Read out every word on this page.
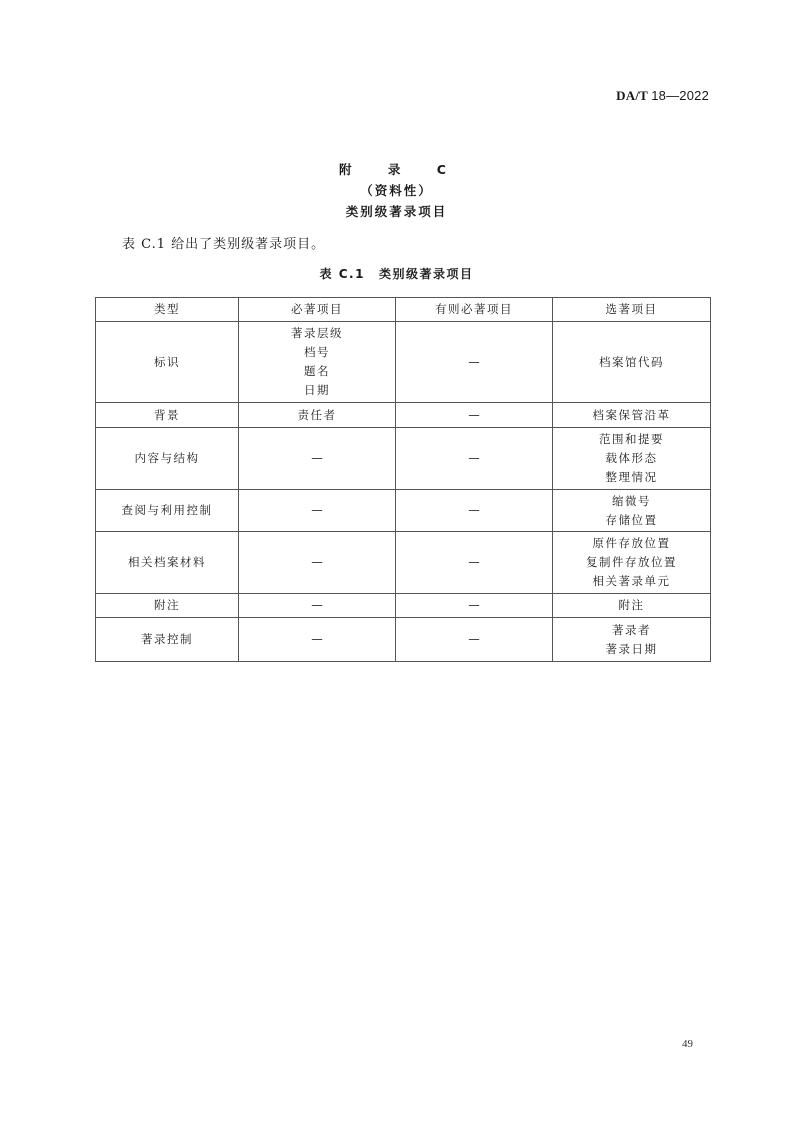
DA/T 18—2022
附 录 C
（资料性）
类别级著录项目
表 C.1 给出了类别级著录项目。
表 C.1 类别级著录项目
类型	必著项目	有则必著项目	选著项目
标识	著录层级
档号
题名
日期	—	档案馆代码

背景	责任者	—	档案保管沿革
内容与结构	—	—	范围和提要
载体形态
整理情况

查阅与利用控制	—	—	缩微号
存储位置

相关档案材料	—	—	原件存放位置
复制件存放位置
相关著录单元

附注	—	—	附注
著录控制	—	—	著录者
著录日期
49
